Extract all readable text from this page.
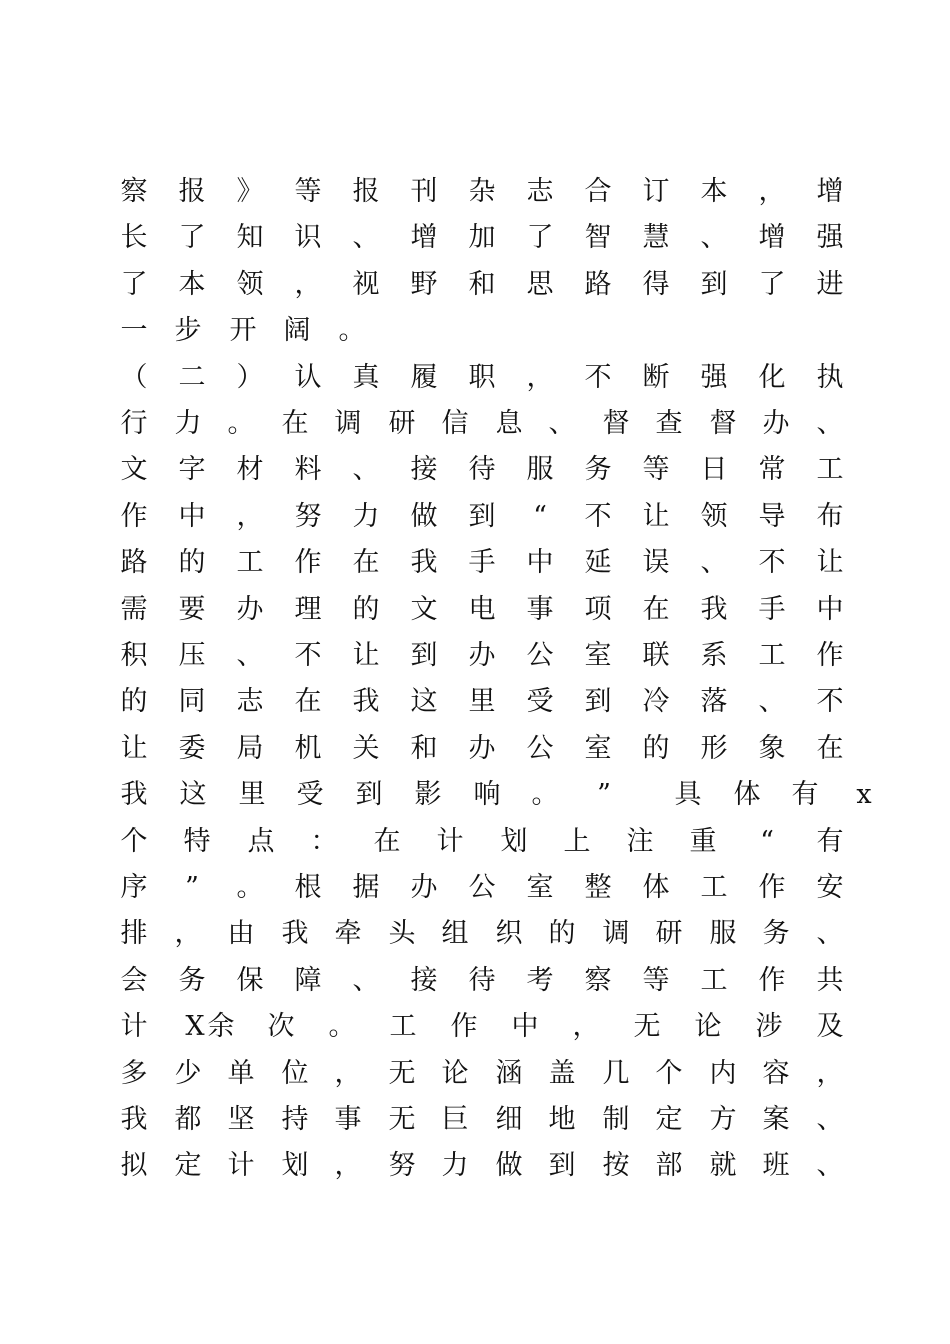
察 报 》 等 报 刊 杂 志 合 订 本 ， 增
长 了 知 识 、 增 加 了 智 慧 、 增 强
了 本 领 ， 视 野 和 思 路 得 到 了 进
一 步 开 阔 。
（ 二 ） 认 真 履 职 ， 不 断 强 化 执
行 力 。 在 调 研 信 息 、 督 查 督 办 、
文 字 材 料 、 接 待 服 务 等 日 常 工
作 中 ， 努 力 做 到 “ 不 让 领 导 布
路 的 工 作 在 我 手 中 延 误 、 不 让
需 要 办 理 的 文 电 事 项 在 我 手 中
积 压 、 不 让 到 办 公 室 联 系 工 作
的 同 志 在 我 这 里 受 到 冷 落 、 不
让 委 局 机 关 和 办 公 室 的 形 象 在
我 这 里 受 到 影 响 。 ” 具 体 有 x
个 特 点 ： 在 计 划 上 注 重 “ 有
序 ” 。 根 据 办 公 室 整 体 工 作 安
排 ， 由 我 牵 头 组 织 的 调 研 服 务 、
会 务 保 障 、 接 待 考 察 等 工 作 共
计 X 余 次 。 工 作 中 ， 无 论 涉 及
多 少 单 位 ， 无 论 涵 盖 几 个 内 容 ，
我 都 坚 持 事 无 巨 细 地 制 定 方 案 、
拟 定 计 划 ， 努 力 做 到 按 部 就 班 、
